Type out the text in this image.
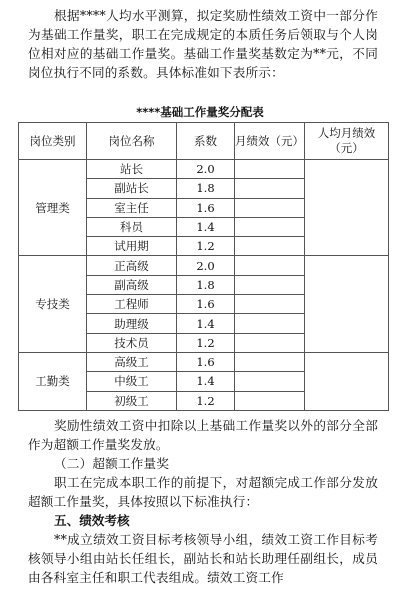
根据****人均水平测算，拟定奖励性绩效工资中一部分作为基础工作量奖，职工在完成规定的本质任务后领取与个人岗位相对应的基础工作量奖。基础工作量奖基数定为**元，不同岗位执行不同的系数。具体标准如下表所示：
****基础工作量奖分配表
岗位类别	岗位名称	系数	月绩效（元）	人均月绩效（元）
管理类	站长	2.0		
	副站长	1.8		
	室主任	1.6		
	科员	1.4		
	试用期	1.2		
专技类	正高级	2.0		
	副高级	1.8		
	工程师	1.6		
	助理级	1.4		
	技术员	1.2		
工勤类	高级工	1.6		
	中级工	1.4		
	初级工	1.2		
奖励性绩效工资中扣除以上基础工作量奖以外的部分全部作为超额工作量奖发放。
（二）超额工作量奖
职工在完成本职工作的前提下，对超额完成工作部分发放超额工作量奖，具体按照以下标准执行：
五、绩效考核
**成立绩效工资目标考核领导小组，绩效工资工作目标考核领导小组由站长任组长，副站长和站长助理任副组长，成员由各科室主任和职工代表组成。绩效工资工作
